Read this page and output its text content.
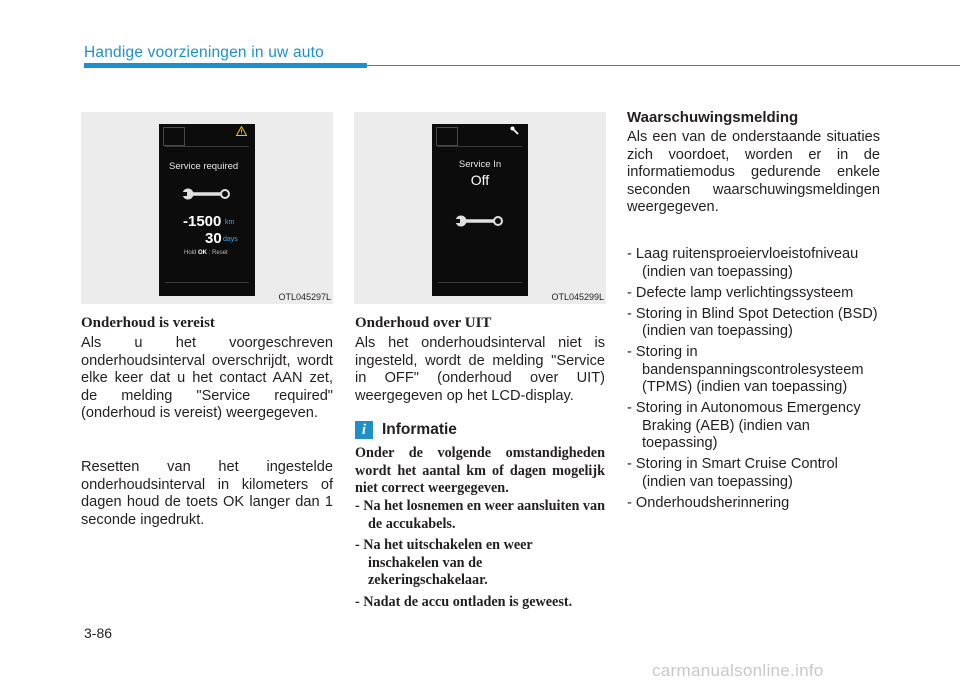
Handige voorzieningen in uw auto
Service required
-1500 km
30 days
Hold OK : Reset
OTL045297L
Service In
Off
OTL045299L
Onderhoud is vereist
Als u het voorgeschreven onderhoudsinterval overschrijdt, wordt elke keer dat u het contact AAN zet, de melding "Service required" (onderhoud is vereist) weergegeven.
Resetten van het ingestelde onderhoudsinterval in kilometers of dagen houd de toets OK langer dan 1 seconde ingedrukt.
Onderhoud over UIT
Als het onderhoudsinterval niet is ingesteld, wordt de melding "Service in OFF" (onderhoud over UIT) weergegeven op het LCD-display.
i	Informatie
Onder de volgende omstandigheden wordt het aantal km of dagen mogelijk niet correct weergegeven.
- Na het losnemen en weer aansluiten van de accukabels.
- Na het uitschakelen en weer inschakelen van de zekeringschakelaar.
- Nadat de accu ontladen is geweest.
Waarschuwingsmelding
Als een van de onderstaande situaties zich voordoet, worden er in de informatiemodus gedurende enkele seconden waarschuwingsmeldingen weergegeven.
- Laag ruitensproeiervloeistofniveau (indien van toepassing)
- Defecte lamp verlichtingssysteem
- Storing in Blind Spot Detection (BSD) (indien van toepassing)
- Storing in bandenspanningscontrolesysteem (TPMS) (indien van toepassing)
- Storing in Autonomous Emergency Braking (AEB) (indien van toepassing)
- Storing in Smart Cruise Control (indien van toepassing)
- Onderhoudsherinnering
3-86
carmanualsonline.info
